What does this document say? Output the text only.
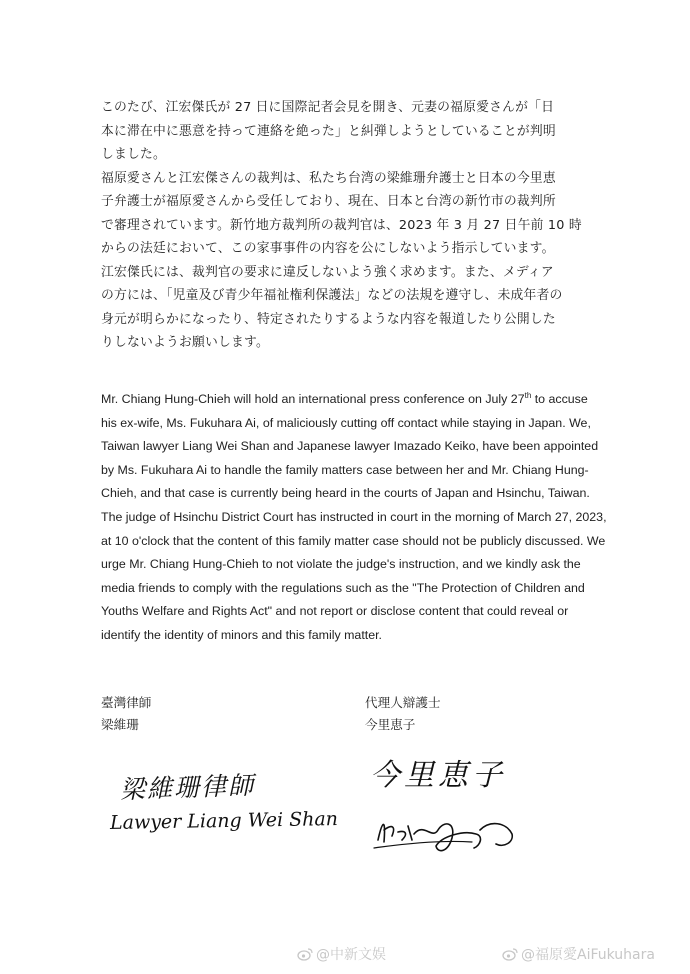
このたび、江宏傑氏が 27 日に国際記者会見を開き、元妻の福原愛さんが「日
本に滞在中に悪意を持って連絡を絶った」と糾弾しようとしていることが判明
しました。

福原愛さんと江宏傑さんの裁判は、私たち台湾の梁維珊弁護士と日本の今里恵
子弁護士が福原愛さんから受任しており、現在、日本と台湾の新竹市の裁判所
で審理されています。新竹地方裁判所の裁判官は、2023 年 3 月 27 日午前 10 時
からの法廷において、この家事事件の内容を公にしないよう指示しています。

江宏傑氏には、裁判官の要求に違反しないよう強く求めます。また、メディア
の方には、「児童及び青少年福祉権利保護法」などの法規を遵守し、未成年者の
身元が明らかになったり、特定されたりするような内容を報道したり公開した
りしないようお願いします。

Mr. Chiang Hung-Chieh will hold an international press conference on July 27th to accuse his ex-wife, Ms. Fukuhara Ai, of maliciously cutting off contact while staying in Japan. We, Taiwan lawyer Liang Wei Shan and Japanese lawyer Imazado Keiko, have been appointed by Ms. Fukuhara Ai to handle the family matters case between her and Mr. Chiang Hung-Chieh, and that case is currently being heard in the courts of Japan and Hsinchu, Taiwan. The judge of Hsinchu District Court has instructed in court in the morning of March 27, 2023, at 10 o'clock that the content of this family matter case should not be publicly discussed. We urge Mr. Chiang Hung-Chieh to not violate the judge's instruction, and we kindly ask the media friends to comply with the regulations such as the "The Protection of Children and Youths Welfare and Rights Act" and not report or disclose content that could reveal or identify the identity of minors and this family matter.
臺灣律師
梁維珊
代理人辯護士
今里恵子
梁維珊律師
Lawyer Liang Wei Shan
今里恵子
@中新文娱	@福原愛AiFukuhara
